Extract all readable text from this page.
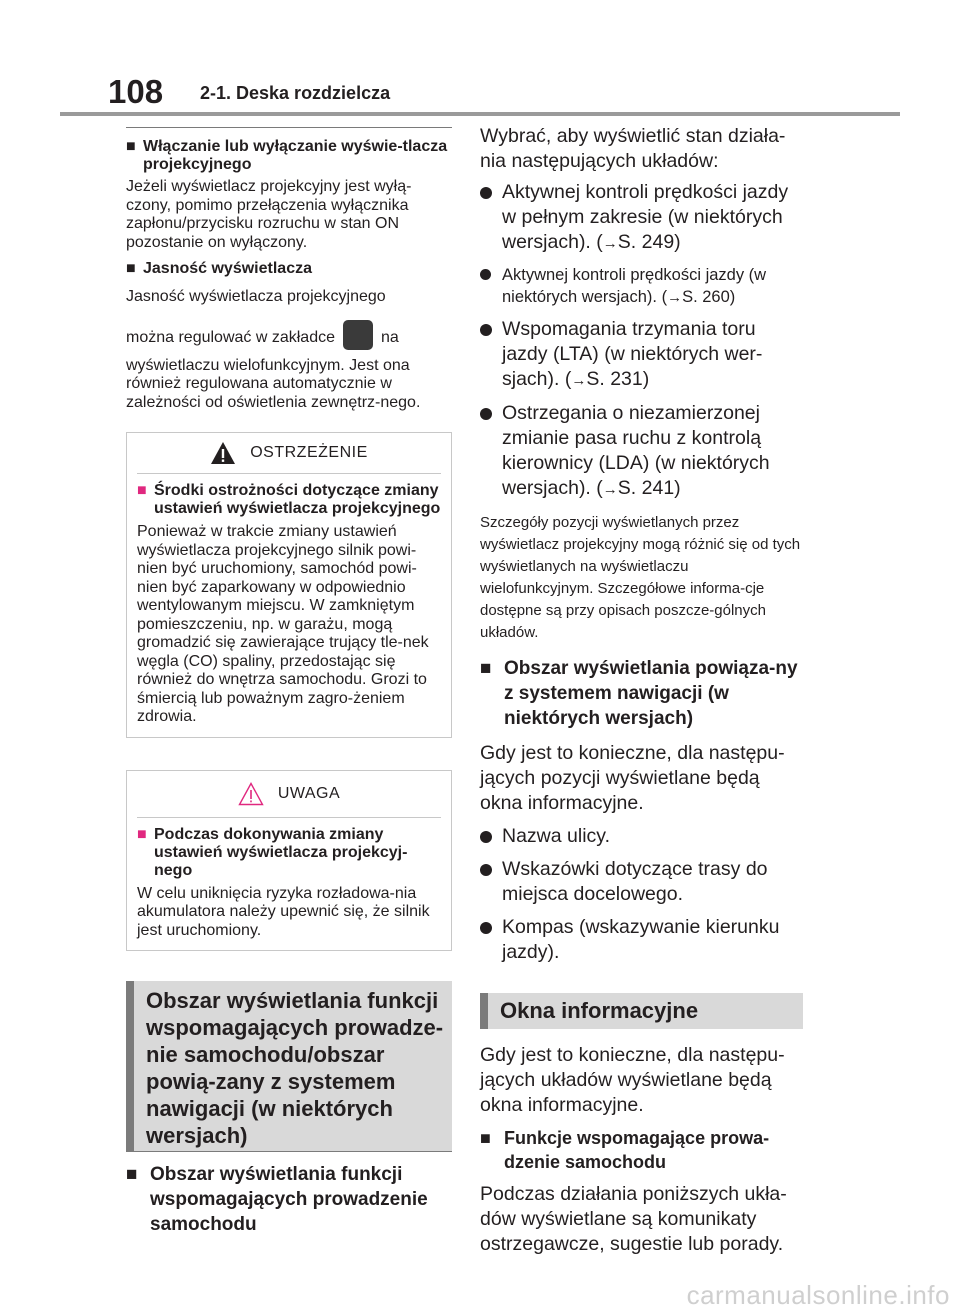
108 2-1. Deska rozdzielcza
■ Włączanie lub wyłączanie wyświe-tlacza projekcyjnego

Jeżeli wyświetlacz projekcyjny jest wyłą-czony, pomimo przełączenia wyłącznika zapłonu/przycisku rozruchu w stan ON pozostanie on wyłączony.

■ Jasność wyświetlacza

Jasność wyświetlacza projekcyjnego

można regulować w zakładce	na

wyświetlaczu wielofunkcyjnym. Jest ona również regulowana automatycznie w zależności od oświetlenia zewnętrz-nego.

OSTRZEŻENIE
■ Środki ostrożności dotyczące zmiany ustawień wyświetlacza projekcyjnego

Ponieważ w trakcie zmiany ustawień wyświetlacza projekcyjnego silnik powi-nien być uruchomiony, samochód powi-nien być zaparkowany w odpowiednio wentylowanym miejscu. W zamkniętym pomieszczeniu, np. w garażu, mogą gromadzić się zawierające trujący tle-nek węgla (CO) spaliny, przedostając się również do wnętrza samochodu. Grozi to śmiercią lub poważnym zagro-żeniem zdrowia.

UWAGA
■ Podczas dokonywania zmiany ustawień wyświetlacza projekcyj-nego

W celu uniknięcia ryzyka rozładowa-nia akumulatora należy upewnić się, że silnik jest uruchomiony.

Obszar wyświetlania funkcji wspomagających prowadze-nie samochodu/obszar powią-zany z systemem nawigacji (w niektórych wersjach)
■ Obszar wyświetlania funkcji wspomagających prowadzenie samochodu

Wybrać, aby wyświetlić stan działa-nia następujących układów:

Aktywnej kontroli prędkości jazdy w pełnym zakresie (w niektórych wersjach). (→S. 249)
Aktywnej kontroli prędkości jazdy (w niektórych wersjach). (→S. 260)
Wspomagania trzymania toru jazdy (LTA) (w niektórych wer-sjach). (→S. 231)
Ostrzegania o niezamierzonej zmianie pasa ruchu z kontrolą kierownicy (LDA) (w niektórych wersjach). (→S. 241)

Szczegóły pozycji wyświetlanych przez wyświetlacz projekcyjny mogą różnić się od tych wyświetlanych na wyświetlaczu wielofunkcyjnym. Szczegółowe informa-cje dostępne są przy opisach poszcze-gólnych układów.

■ Obszar wyświetlania powiąza-ny z systemem nawigacji (w niektórych wersjach)

Gdy jest to konieczne, dla następu-jących pozycji wyświetlane będą okna informacyjne.

Nazwa ulicy.
Wskazówki dotyczące trasy do miejsca docelowego.
Kompas (wskazywanie kierunku jazdy).
Okna informacyjne

Gdy jest to konieczne, dla następu-jących układów wyświetlane będą okna informacyjne.

■ Funkcje wspomagające prowa-dzenie samochodu

Podczas działania poniższych ukła-dów wyświetlane są komunikaty ostrzegawcze, sugestie lub porady.

carmanualsonline.info
